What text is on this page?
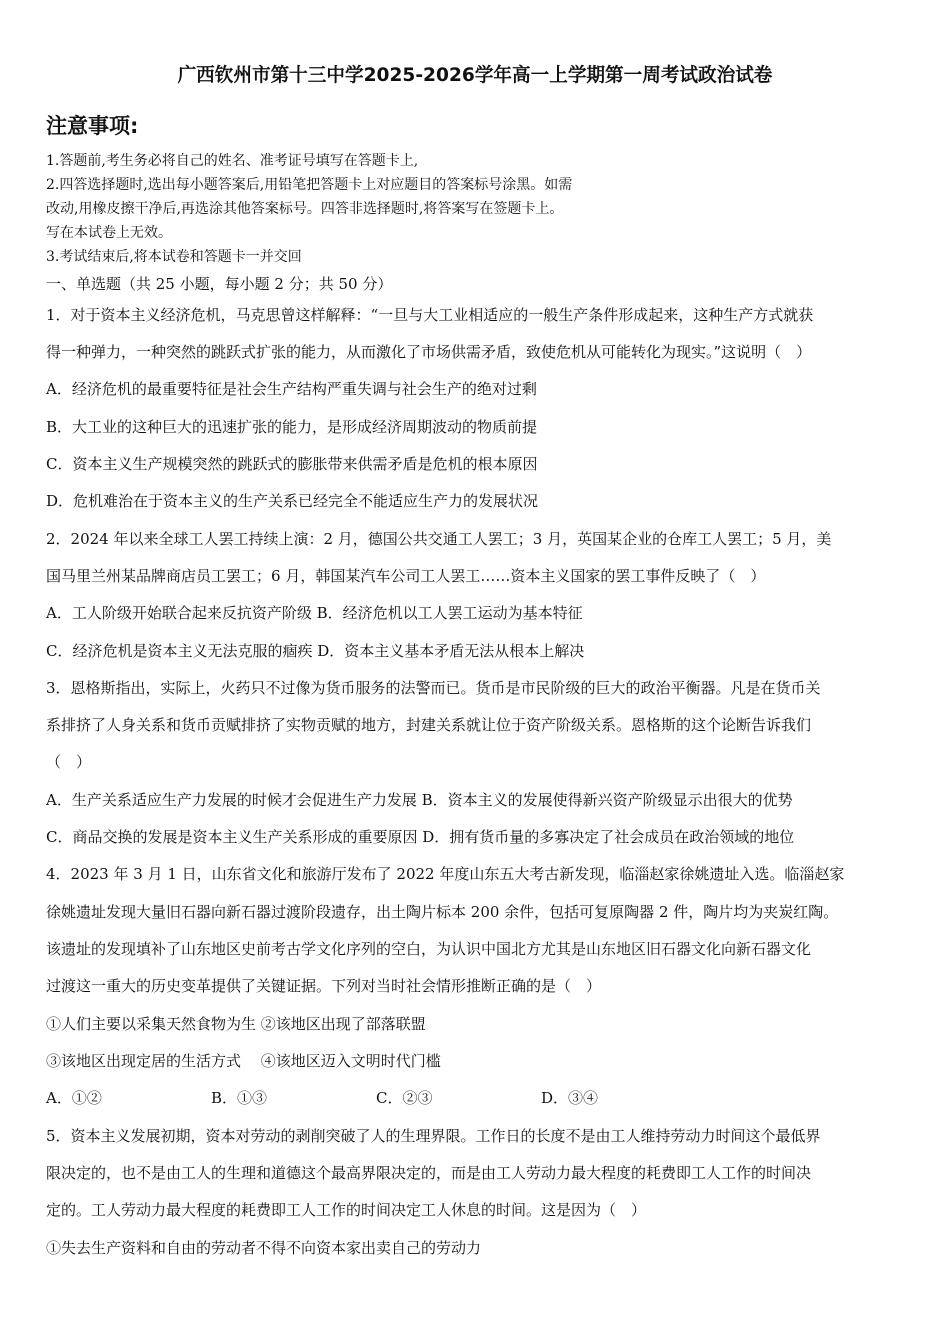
广西钦州市第十三中学2025-2026学年高一上学期第一周考试政治试卷
注意事项:
1.答题前,考生务必将自己的姓名、准考证号填写在答题卡上,
2.四答选择题时,选出每小题答案后,用铅笔把答题卡上对应题目的答案标号涂黑。如需
改动,用橡皮擦干净后,再选涂其他答案标号。四答非选择题时,将答案写在签题卡上。
写在本试卷上无效。
3.考试结束后,将本试卷和答题卡一并交回
一、单选题（共 25 小题，每小题 2 分；共 50 分）
1．对于资本主义经济危机，马克思曾这样解释：“一旦与大工业相适应的一般生产条件形成起来，这种生产方式就获
得一种弹力，一种突然的跳跃式扩张的能力，从而激化了市场供需矛盾，致使危机从可能转化为现实。”这说明（　）
A．经济危机的最重要特征是社会生产结构严重失调与社会生产的绝对过剩
B．大工业的这种巨大的迅速扩张的能力，是形成经济周期波动的物质前提
C．资本主义生产规模突然的跳跃式的膨胀带来供需矛盾是危机的根本原因
D．危机难治在于资本主义的生产关系已经完全不能适应生产力的发展状况
2．2024 年以来全球工人罢工持续上演：2 月，德国公共交通工人罢工；3 月，英国某企业的仓库工人罢工；5 月，美
国马里兰州某品牌商店员工罢工；6 月，韩国某汽车公司工人罢工……资本主义国家的罢工事件反映了（　）
A．工人阶级开始联合起来反抗资产阶级 B．经济危机以工人罢工运动为基本特征
C．经济危机是资本主义无法克服的痼疾 D．资本主义基本矛盾无法从根本上解决
3．恩格斯指出，实际上，火药只不过像为货币服务的法警而已。货币是市民阶级的巨大的政治平衡器。凡是在货币关
系排挤了人身关系和货币贡赋排挤了实物贡赋的地方，封建关系就让位于资产阶级关系。恩格斯的这个论断告诉我们
（　）
A．生产关系适应生产力发展的时候才会促进生产力发展 B．资本主义的发展使得新兴资产阶级显示出很大的优势
C．商品交换的发展是资本主义生产关系形成的重要原因 D．拥有货币量的多寡决定了社会成员在政治领域的地位
4．2023 年 3 月 1 日，山东省文化和旅游厅发布了 2022 年度山东五大考古新发现，临淄赵家徐姚遗址入选。临淄赵家
徐姚遗址发现大量旧石器向新石器过渡阶段遗存，出土陶片标本 200 余件，包括可复原陶器 2 件，陶片均为夹炭红陶。
该遗址的发现填补了山东地区史前考古学文化序列的空白，为认识中国北方尤其是山东地区旧石器文化向新石器文化
过渡这一重大的历史变革提供了关键证据。下列对当时社会情形推断正确的是（　）
①人们主要以采集天然食物为生 ②该地区出现了部落联盟
③该地区出现定居的生活方式　 ④该地区迈入文明时代门槛
A．①②	B．①③	C．②③	D．③④
5．资本主义发展初期，资本对劳动的剥削突破了人的生理界限。工作日的长度不是由工人维持劳动力时间这个最低界
限决定的，也不是由工人的生理和道德这个最高界限决定的，而是由工人劳动力最大程度的耗费即工人工作的时间决
定的。工人劳动力最大程度的耗费即工人工作的时间决定工人休息的时间。这是因为（　）
①失去生产资料和自由的劳动者不得不向资本家出卖自己的劳动力
